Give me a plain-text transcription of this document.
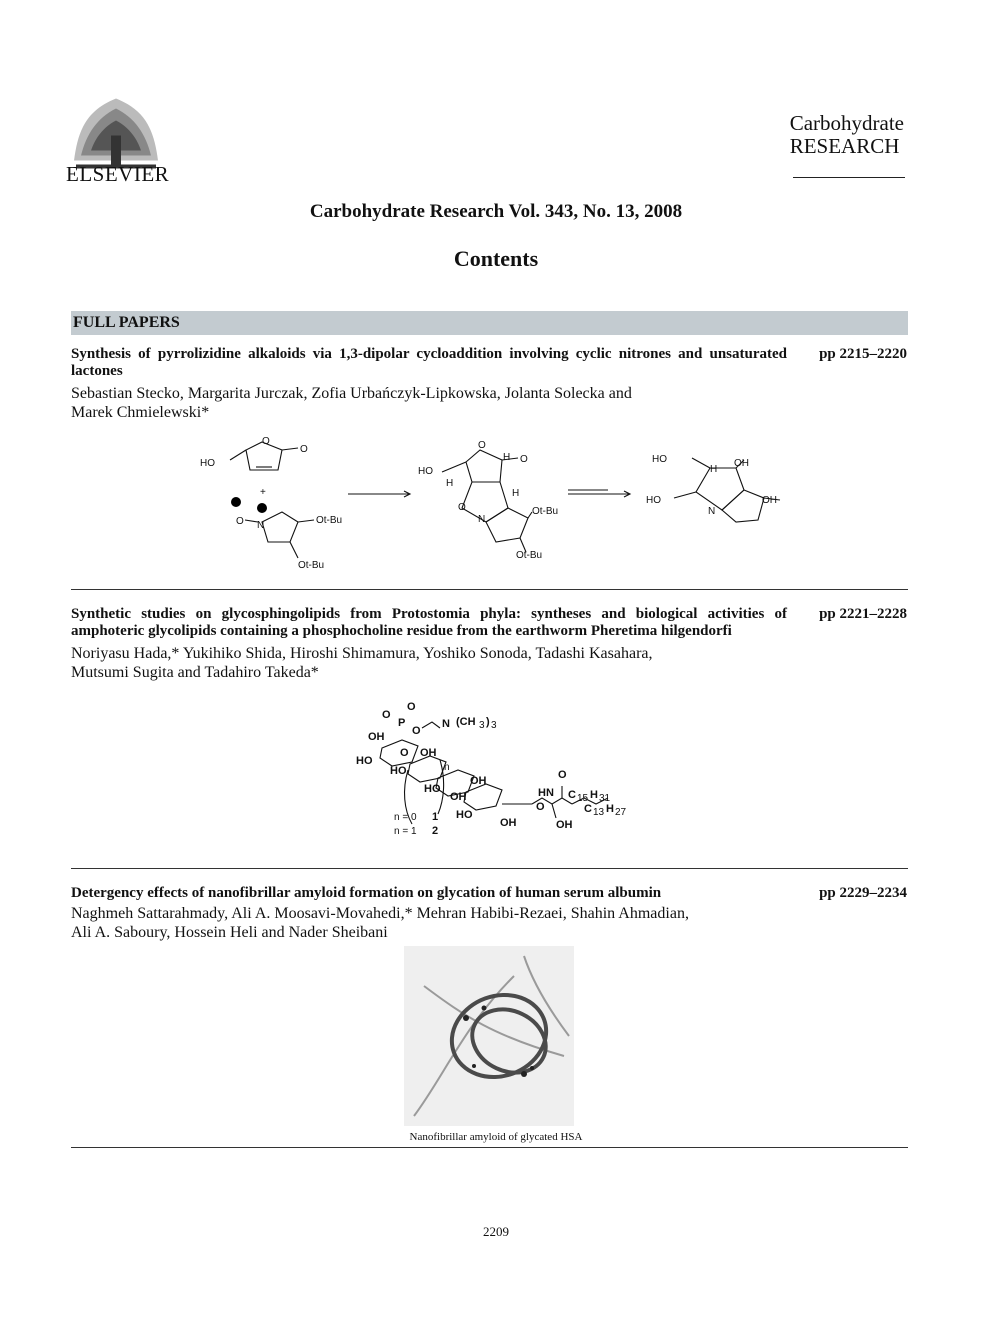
ELSEVIER
Carbohydrate
RESEARCH
Carbohydrate Research Vol. 343, No. 13, 2008
Contents
FULL PAPERS
Synthesis of pyrrolizidine alkaloids via 1,3-dipolar cycloaddition involving cyclic nitrones and unsaturated lactones
pp 2215–2220
Sebastian Stecko, Margarita Jurczak, Zofia Urbańczyk-Lipkowska, Jolanta Solecka and
Marek Chmielewski*
O
O
HO
+
O N	Ot-Bu
Ot-Bu
HO
O
O
H
H
H
O
N
Ot-Bu
Ot-Bu
HO
H
OH
HO	OH
N
Synthetic studies on glycosphingolipids from Protostomia phyla: syntheses and biological activities of amphoteric glycolipids containing a phosphocholine residue from the earthworm Pheretima hilgendorfi
pp 2221–2228
Noriyasu Hada,* Yukihiko Shida, Hiroshi Shimamura, Yoshiko Sonoda, Tadashi Kasahara,
Mutsumi Sugita and Tadahiro Takeda*
O
O
P
O
N (CH 3 ) 3
OH
O OH
HO
HO
HO
n
OH
HO
OH
O
HN
O
C 15 H 31
C 13 H 27
OH
OH
n = 0 1
n = 1 2
Detergency effects of nanofibrillar amyloid formation on glycation of human serum albumin	pp 2229–2234
Naghmeh Sattarahmady, Ali A. Moosavi-Movahedi,* Mehran Habibi-Rezaei, Shahin Ahmadian,
Ali A. Saboury, Hossein Heli and Nader Sheibani
Nanofibrillar amyloid of glycated HSA
2209
